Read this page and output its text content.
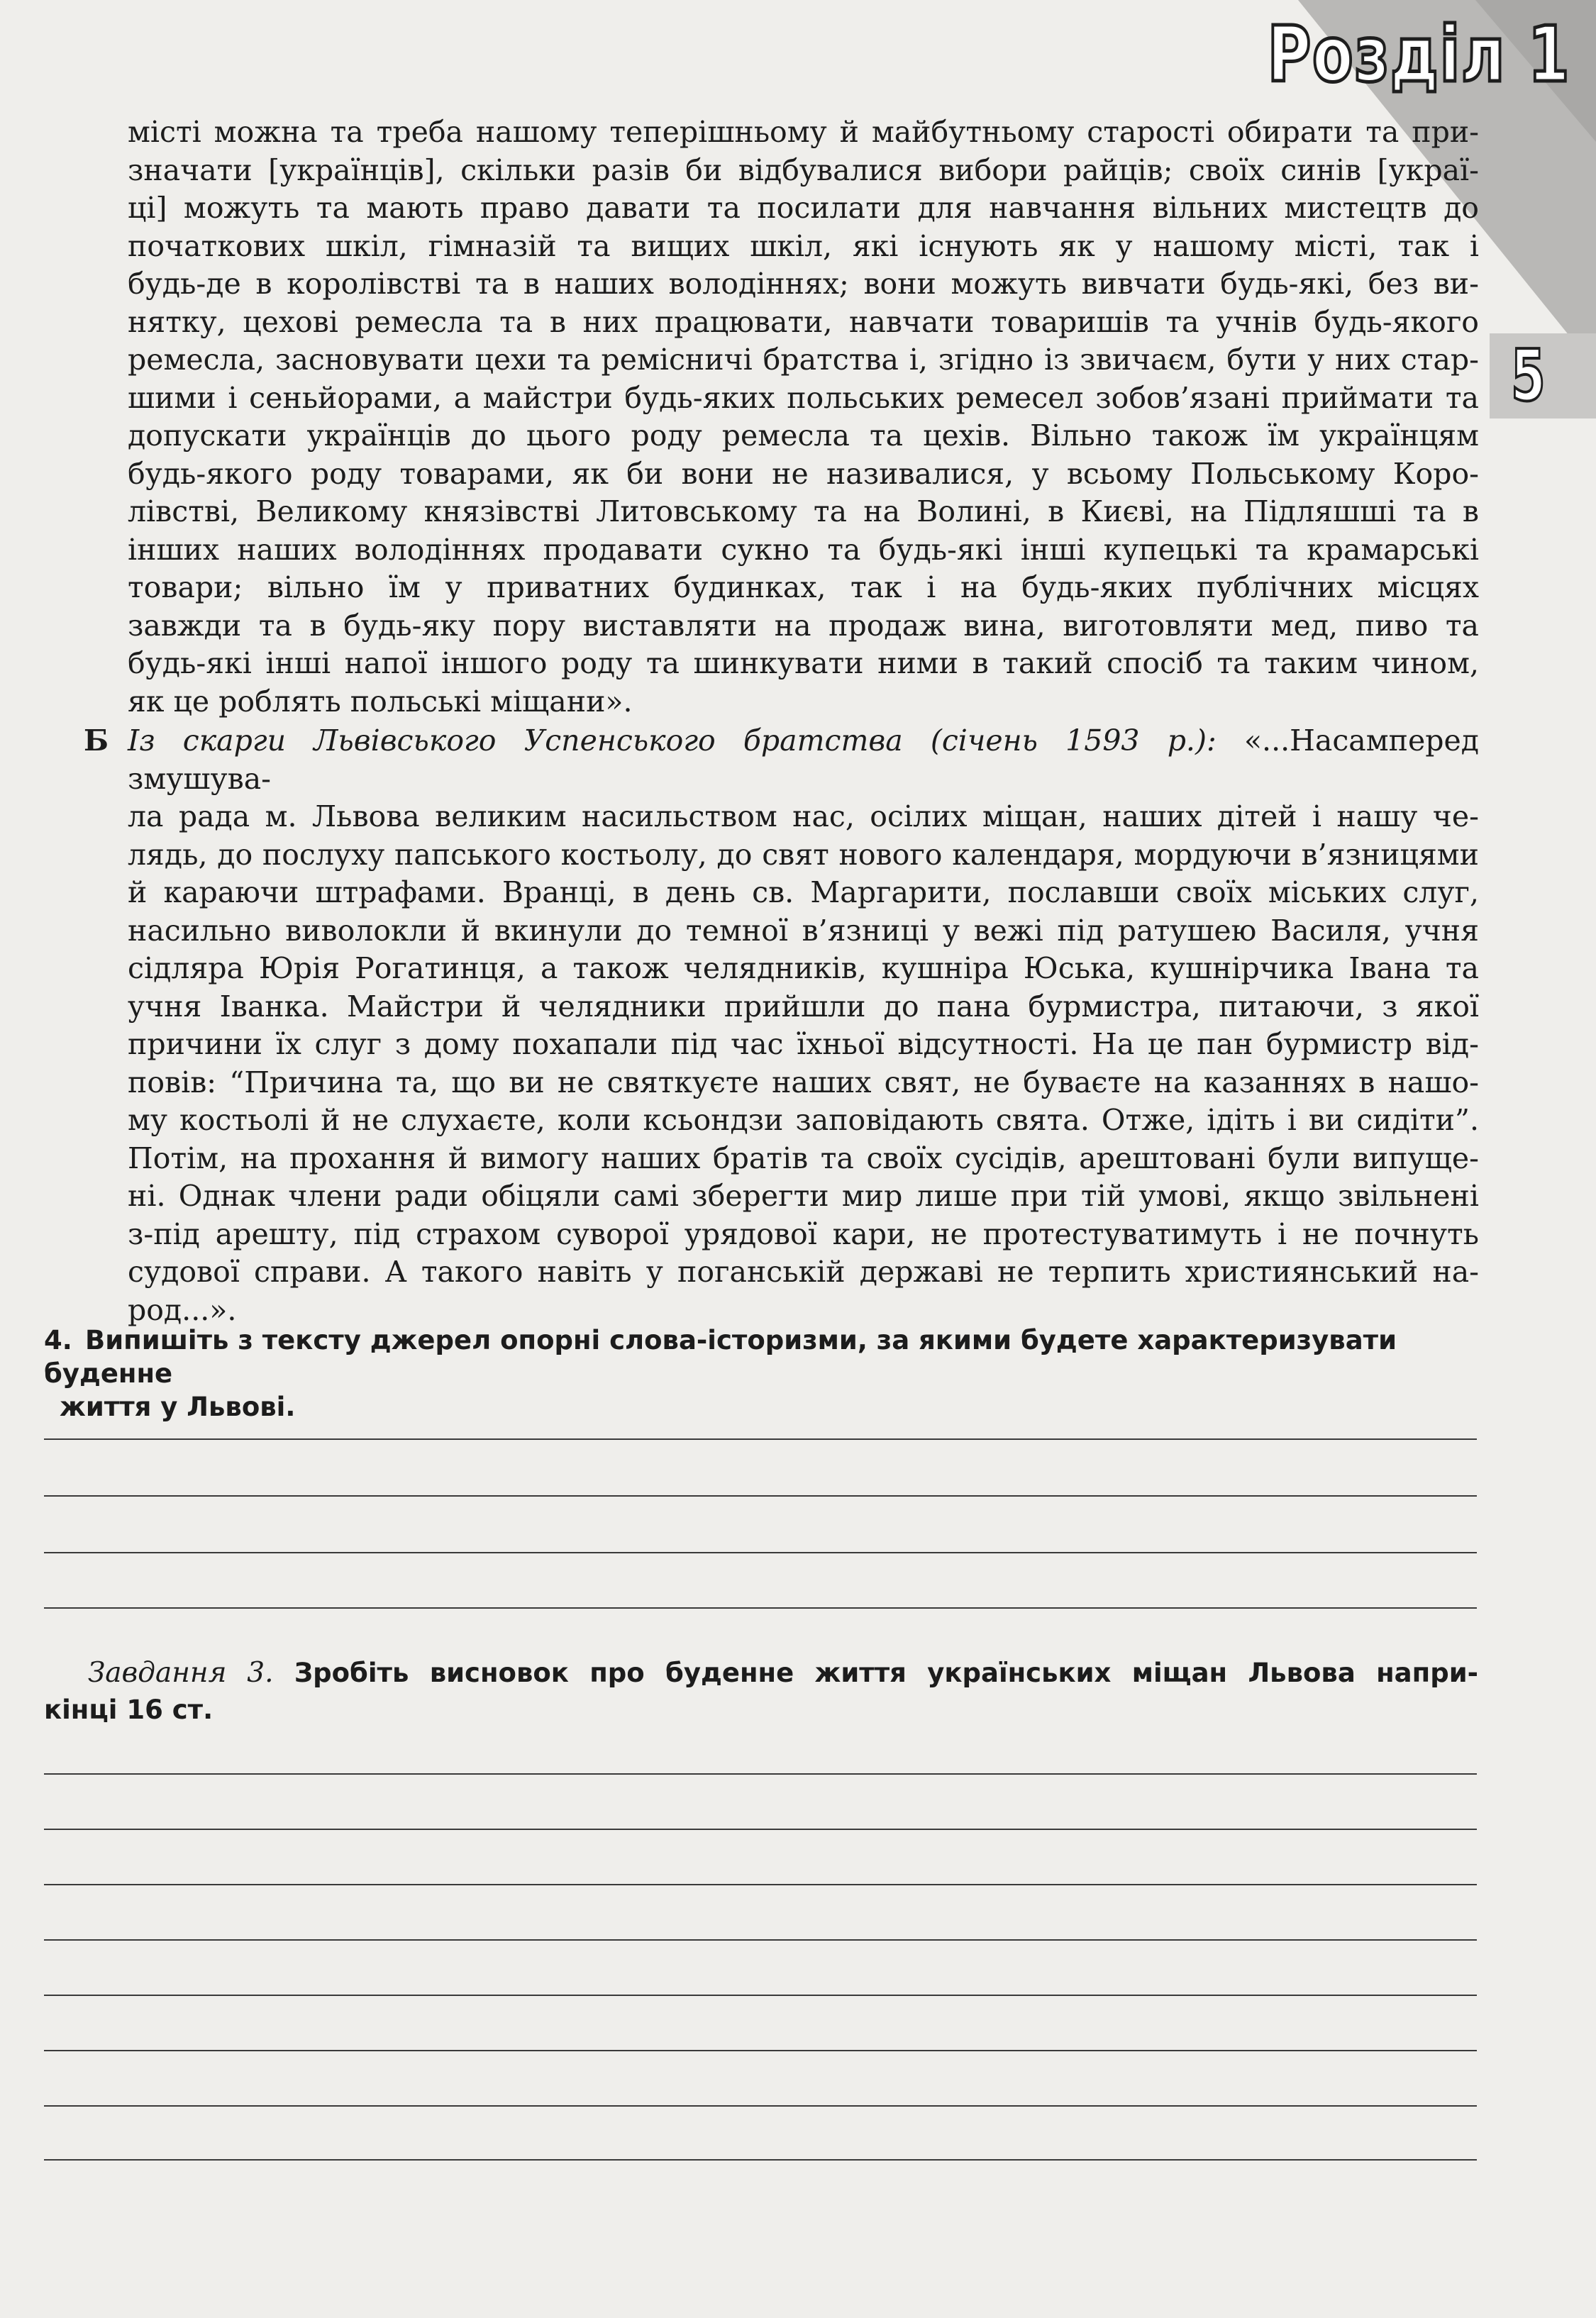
Розділ 1
5
місті можна та треба нашому теперішньому й майбутньому старості обирати та при-
значати [українців], скільки разів би відбувалися вибори райців; своїх синів [украї-
ці] можуть та мають право давати та посилати для навчання вільних мистецтв до
початкових шкіл, гімназій та вищих шкіл, які існують як у нашому місті, так і
будь-де в королівстві та в наших володіннях; вони можуть вивчати будь-які, без ви-
нятку, цехові ремесла та в них працювати, навчати товаришів та учнів будь-якого
ремесла, засновувати цехи та ремісничі братства і, згідно із звичаєм, бути у них стар-
шими і сеньйорами, а майстри будь-яких польських ремесел зобов’язані приймати та
допускати українців до цього роду ремесла та цехів. Вільно також їм українцям
будь-якого роду товарами, як би вони не називалися, у всьому Польському Коро-
лівстві, Великому князівстві Литовському та на Волині, в Києві, на Підляшші та в
інших наших володіннях продавати сукно та будь-які інші купецькі та крамарські
товари; вільно їм у приватних будинках, так і на будь-яких публічних місцях
завжди та в будь-яку пору виставляти на продаж вина, виготовляти мед, пиво та
будь-які інші напої іншого роду та шинкувати ними в такий спосіб та таким чином,
як це роблять польські міщани».
Б Із скарги Львівського Успенського братства (січень 1593 р.): «...Насамперед змушува-
ла рада м. Львова великим насильством нас, осілих міщан, наших дітей і нашу че-
лядь, до послуху папського костьолу, до свят нового календаря, мордуючи в’язницями
й караючи штрафами. Вранці, в день св. Маргарити, пославши своїх міських слуг,
насильно виволокли й вкинули до темної в’язниці у вежі під ратушею Василя, учня
сідляра Юрія Рогатинця, а також челядників, кушніра Юська, кушнірчика Івана та
учня Іванка. Майстри й челядники прийшли до пана бурмистра, питаючи, з якої
причини їх слуг з дому похапали під час їхньої відсутності. На це пан бурмистр від-
повів: “Причина та, що ви не святкуєте наших свят, не буваєте на казаннях в нашо-
му костьолі й не слухаєте, коли ксьондзи заповідають свята. Отже, ідіть і ви сидіти”.
Потім, на прохання й вимогу наших братів та своїх сусідів, арештовані були випуще-
ні. Однак члени ради обіцяли самі зберегти мир лише при тій умові, якщо звільнені
з-під арешту, під страхом суворої урядової кари, не протестуватимуть і не почнуть
судової справи. А такого навіть у поганській державі не терпить християнський на-
род...».
4. Випишіть з тексту джерел опорні слова-історизми, за якими будете характеризувати буденне
життя у Львові.
Завдання 3. Зробіть висновок про буденне життя українських міщан Львова напри-
кінці 16 ст.
